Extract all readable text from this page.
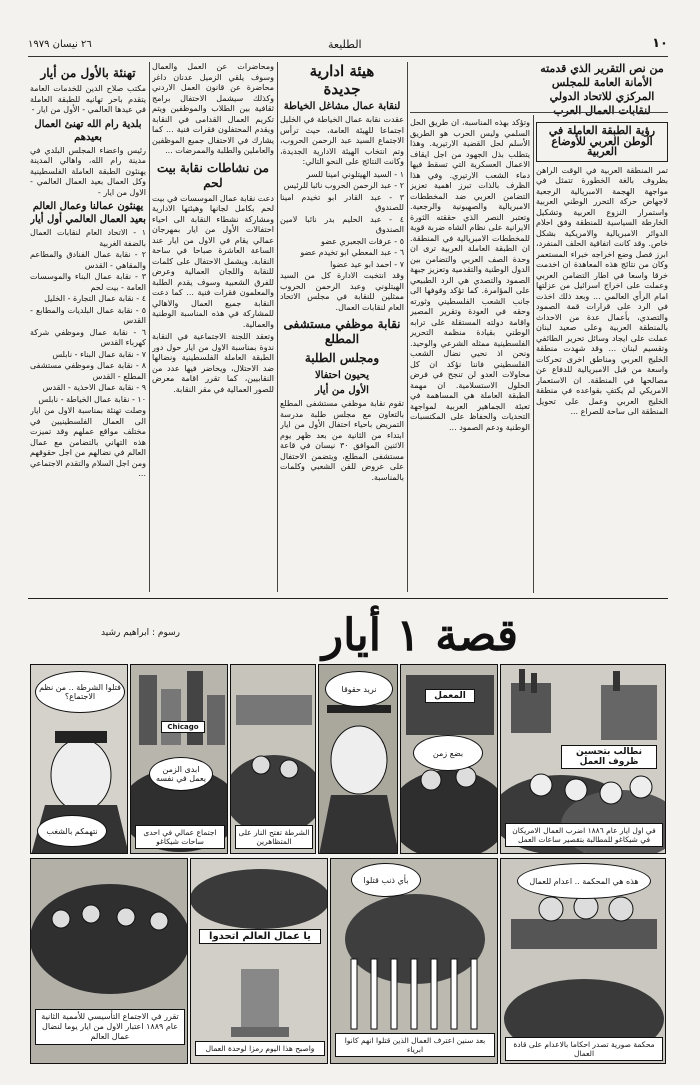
١٠
الطليعة
٢٦ نيسان ١٩٧٩
من نص التقرير الذي قدمته الأمانة العامة للمجلس المركزي للاتحاد الدولي لنقابات العمال العرب
رؤية الطبقة العاملة في الوطن العربي للأوضاع العربية

تمر المنطقة العربية في الوقت الراهن بظروف بالغة الخطورة تتمثل في مواجهة الهجمة الامبريالية الرجعية لاجهاض حركة التحرر الوطني العربية واستمرار النزوع العربية وتشكيل الخارطة السياسية للمنطقة وفق احلام الدوائر الامبريالية والامريكية بشكل خاص. وقد كانت اتفاقية الحلف المنفرد، ابرز فصل وضع اخراجه خبراء المستعمر وكان من نتائج هذه المعاهدة ان اخدمت خرقا واسعا في اطار التضامن العربي وعملت على اخراج اسرائيل من عزلتها امام الرأي العالمي ... وبعد ذلك اخذت في الرد على قرارات قمة الصمود والتصدي، بأعمال عدة من الاحداث بالمنطقة العربية وعلى صعيد لبنان عملت على ايجاد وسائل تحرير الطائفي وتقسيم لبنان ... وقد شهدت منطقة الخليج العربي ومناطق اخرى تحركات واسعة من قبل الامبريالية للدفاع عن مصالحها في المنطقة. ان الاستعمار الامريكي لم يكتفِ بقواعده في منطقة الخليج العربي وعمل على تحويل المنطقة الى ساحة للصراع ...

وتؤكد بهذه المناسبة، ان طريق الحل السلمي وليس الحرب هو الطريق الأسلم لحل القضية الارتيرية. وهذا يتطلب بذل الجهود من اجل ايقاف الاعمال العسكرية التي تسقط فيها دماء الشعب الارتيري. وفي هذا الظرف بالذات تبرز اهمية تعزيز التضامن العربي ضد المخططات الامبريالية والصهيونية والرجعية. وتعتبر النصر الذي حققته الثورة الايرانية على نظام الشاه ضربة قوية للمخططات الامبريالية في المنطقة. ان الطبقة العاملة العربية ترى ان وحدة الصف العربي والتضامن بين الدول الوطنية والتقدمية وتعزيز جبهة الصمود والتصدي هي الرد الطبيعي على المؤامرة. كما تؤكد وقوفها الى جانب الشعب الفلسطيني وثورته وحقه في العودة وتقرير المصير واقامة دولته المستقلة على ترابه الوطني بقيادة منظمة التحرير الفلسطينية ممثله الشرعي والوحيد. ونحن اذ نحيي نضال الشعب الفلسطيني فاننا نؤكد ان كل محاولات العدو لن تنجح في فرض الحلول الاستسلامية. ان مهمة الطبقة العاملة هي المساهمة في تعبئة الجماهير العربية لمواجهة التحديات والحفاظ على المكتسبات الوطنية ودعم الصمود ...

هيئة ادارية
جديدة
لنقابة عمال مشاغل الخياطة

عقدت نقابة عمال الخياطة في الخليل اجتماعا للهيئة العامة، حيث ترأس الاجتماع السيد عبد الرحمن الحروب، وتم انتخاب الهيئة الادارية الجديدة، وكانت النتائج على النحو التالي:

١ - السيد الهيتلوني امينا للسر
٢ - عبد الرحمن الحروب نائبا للرئيس
٣ - عبد القادر ابو تخيدم امينا للصندوق
٤ - عبد الحليم بدر نائبا لامين الصندوق
٥ - عرفات الجعبري عضو
٦ - عبد المعطي ابو تخيدم عضو
٧ - احمد ابو عيد عضوا

وقد انتخبت الادارة كل من السيد الهيتلوني وعبد الرحمن الحروب ممثلين للنقابة في مجلس الاتحاد العام لنقابات العمال.

نقابة موظفي مستشفى المطلع
ومجلس الطلبة
يحيون احتفالا
الأول من أيار

تقوم نقابة موظفي مستشفى المطلع بالتعاون مع مجلس طلبة مدرسة التمريض باحياء احتفال الأول من ايار ابتداء من الثانية من بعد ظهر يوم الاثنين الموافق ٣٠ نيسان في قاعة مستشفى المطلع، ويتضمن الاحتفال على عروض للفن الشعبي وكلمات بالمناسبة.

ومحاضرات عن العمل والعمال وسوف يلقي الزميل عدنان داغر محاضرة عن قانون العمل الاردني وكذلك سيشمل الاحتفال برامج ثقافية بين الطلاب والموظفين ويتم تكريم العمال القدامى في النقابة ويقدم المحتفلون فقرات فنية ... كما يشارك في الاحتفال جميع الموظفين والعاملين والطلبة والممرضات ...

من نشاطات نقابة بيت لحم

دعت نقابة عمال الموسسات في بيت لحم بكامل لجانها وهيئتها الادارية ومشاركة نشطاء النقابة الى احياء احتفالات الأول من ايار بمهرجان عمالي يقام في الاول من ايار عند الساعة العاشرة صباحا في ساحة النقابة. ويشمل الاحتفال على كلمات للنقابة واللجان العمالية وعرض للفرق الشعبية وسوف يقدم الطلبة والمعلمون فقرات فنية ... كما دعت النقابة جميع العمال والاهالي للمشاركة في هذه المناسبة الوطنية والعمالية.

وتعقد اللجنة الاجتماعية في النقابة ندوة بمناسبة الاول من ايار حول دور الطبقة العاملة الفلسطينية ونضالها ضد الاحتلال، ويحاضر فيها عدد من النقابيين، كما تقرر اقامة معرض للصور العمالية في مقر النقابة.

تهنئة بالأول من أيار

مكتب صلاح الدين للخدمات العامة يتقدم باحر تهانيه للطبقة العاملة في عيدها العالمي - الأول من ايار -

بلدية رام الله تهنئ العمال بعيدهم

رئيس واعضاء المجلس البلدي في مدينة رام الله، واهالي المدينة يهنئون الطبقة العاملة الفلسطينية وكل العمال بعيد العمال العالمي - الاول من ايار -

يهنئون عمالنا وعمال العالم بعيد العمال العالمي أول أيار
١ - الاتحاد العام لنقابات العمال بالضفة الغربية
٢ - نقابة عمال الفنادق والمطاعم والمقاهي - القدس
٣ - نقابة عمال البناء والموسسات العامة - بيت لحم
٤ - نقابة عمال التجارة - الخليل
٥ - نقابة عمال البلديات والمطابع - القدس
٦ - نقابة عمال وموظفي شركة كهرباء القدس
٧ - نقابة عمال البناء - نابلس
٨ - نقابة عمال وموظفي مستشفى المطلع - القدس
٩ - نقابة عمال الاحذية - القدس
١٠ - نقابة عمال الخياطة - نابلس

وصلت تهنئة بمناسبة الاول من ايار الى العمال الفلسطينيين في مختلف مواقع عملهم وقد تميزت هذه التهاني بالتضامن مع عمال العالم في نضالهم من اجل حقوقهم ومن اجل السلام والتقدم الاجتماعي ...

قصة ١ أيار
رسوم : ابراهيم رشيد
نطالب بتحسين ظروف العمل
في اول ايار عام ١٨٨٦ اضرب العمال الامريكان في شيكاغو للمطالبة بتقصير ساعات العمل
المعمل
بضع زمن
نريد حقوقا
الشرطة تفتح النار على المتظاهرين
Chicago
ابدى الزمن يعمل في نفسه
اجتماع عمالي في احدى ساحات شيكاغو
فتلوا الشرطة .. من نظم الاجتماع؟
نتهمكم بالشغب
هذه هي المحكمة .. اعدام للعمال
محكمة صورية تصدر احكاما بالاعدام على قادة العمال
بأي ذنب قتلوا
بعد سنين اعترف العمال الذين قتلوا انهم كانوا ابرياء
يا عمال العالم اتحدوا
واصبح هذا اليوم رمزا لوحدة العمال
تقرر في الاجتماع التأسيسي للأممية الثانية عام ١٨٨٩ اعتبار الاول من ايار يوما لنضال عمال العالم
